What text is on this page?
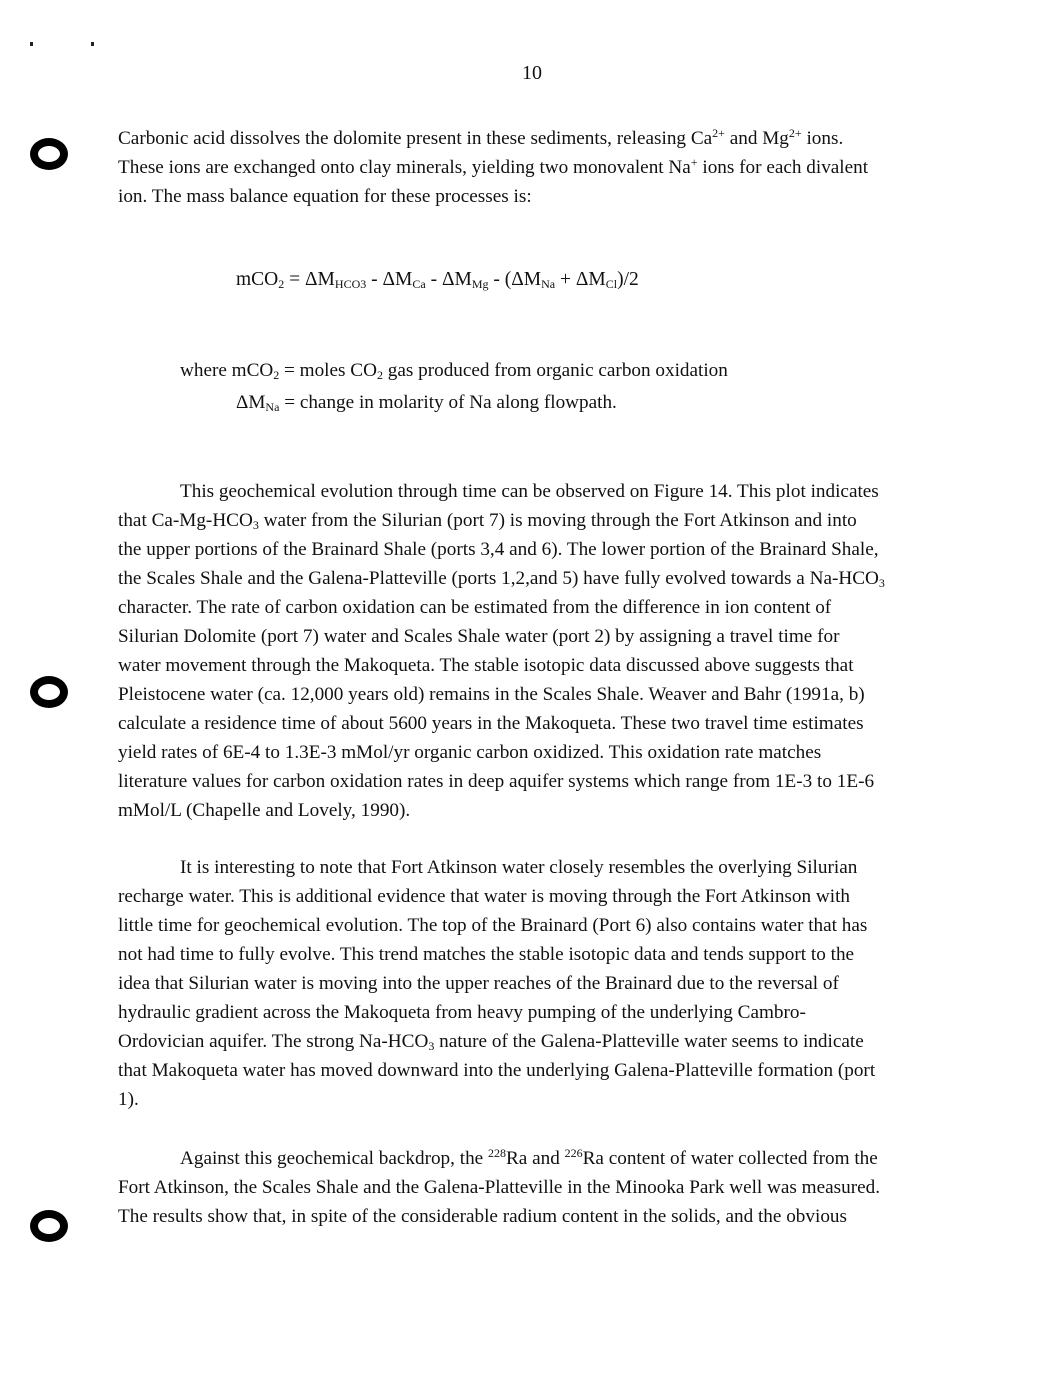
10
Carbonic acid dissolves the dolomite present in these sediments, releasing $Ca^{2+}$ and $Mg^{2+}$ ions.
These ions are exchanged onto clay minerals, yielding two monovalent Na+ ions for each divalent
ion. The mass balance equation for these processes is:
$mCO_2 = \Delta M_{HCO3} - \Delta M_{Ca} - \Delta M_{Mg} - (\Delta M_{Na} + \Delta M_{Cl})/2$
where mCO$_2$ = moles $CO_2$ gas produced from organic carbon oxidation
$\Delta M_{Na}$ = change in molarity of Na along flowpath.
This geochemical evolution through time can be observed on Figure 14. This plot indicates
that $Ca-Mg-HCO_3$ water from the Silurian (port 7) is moving through the Fort Atkinson and into
the upper portions of the Brainard Shale (ports 3,4 and 6). The lower portion of the Brainard Shale,
the Scales Shale and the Galena-Platteville (ports 1,2,and 5) have fully evolved towards a $Na-HCO_3$
character. The rate of carbon oxidation can be estimated from the difference in ion content of
Silurian Dolomite (port 7) water and Scales Shale water (port 2) by assigning a travel time for
water movement through the Makoqueta. The stable isotopic data discussed above suggests that
Pleistocene water (ca. 12,000 years old) remains in the Scales Shale. Weaver and Bahr (1991a, b)
calculate a residence time of about 5600 years in the Makoqueta. These two travel time estimates
yield rates of 6E-4 to 1.3E-3 mMol/yr organic carbon oxidized. This oxidation rate matches
literature values for carbon oxidation rates in deep aquifer systems which range from 1E-3 to 1E-6
mMol/L (Chapelle and Lovely, 1990).
It is interesting to note that Fort Atkinson water closely resembles the overlying Silurian
recharge water. This is additional evidence that water is moving through the Fort Atkinson with
little time for geochemical evolution. The top of the Brainard (Port 6) also contains water that has
not had time to fully evolve. This trend matches the stable isotopic data and tends support to the
idea that Silurian water is moving into the upper reaches of the Brainard due to the reversal of
hydraulic gradient across the Makoqueta from heavy pumping of the underlying Cambro-
Ordovician aquifer. The strong $Na-HCO_3$ nature of the Galena-Platteville water seems to indicate
that Makoqueta water has moved downward into the underlying Galena-Platteville formation (port
1).
Against this geochemical backdrop, the $^{228}$Ra and $^{226}$Ra content of water collected from the
Fort Atkinson, the Scales Shale and the Galena-Platteville in the Minooka Park well was measured.
The results show that, in spite of the considerable radium content in the solids, and the obvious
